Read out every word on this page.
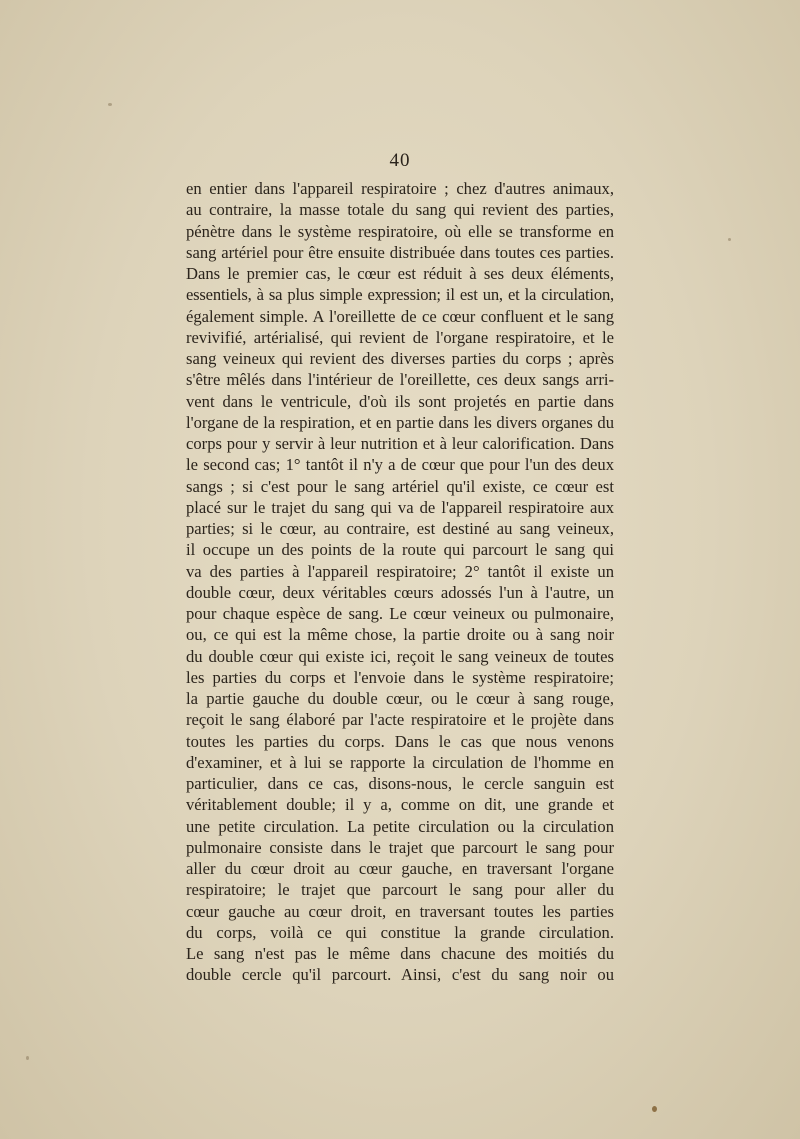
40
en entier dans l'appareil respiratoire ; chez d'autres animaux,
au contraire, la masse totale du sang qui revient des parties,
pénètre dans le système respiratoire, où elle se transforme en
sang artériel pour être ensuite distribuée dans toutes ces parties.
Dans le premier cas, le cœur est réduit à ses deux éléments,
essentiels, à sa plus simple expression; il est un, et la circulation,
également simple. A l'oreillette de ce cœur confluent et le sang
revivifié, artérialisé, qui revient de l'organe respiratoire, et le
sang veineux qui revient des diverses parties du corps ; après
s'être mêlés dans l'intérieur de l'oreillette, ces deux sangs arri-
vent dans le ventricule, d'où ils sont projetés en partie dans
l'organe de la respiration, et en partie dans les divers organes du
corps pour y servir à leur nutrition et à leur calorification. Dans
le second cas; 1° tantôt il n'y a de cœur que pour l'un des deux
sangs ; si c'est pour le sang artériel qu'il existe, ce cœur est
placé sur le trajet du sang qui va de l'appareil respiratoire aux
parties; si le cœur, au contraire, est destiné au sang veineux,
il occupe un des points de la route qui parcourt le sang qui
va des parties à l'appareil respiratoire; 2° tantôt il existe un
double cœur, deux véritables cœurs adossés l'un à l'autre, un
pour chaque espèce de sang. Le cœur veineux ou pulmonaire,
ou, ce qui est la même chose, la partie droite ou à sang noir
du double cœur qui existe ici, reçoit le sang veineux de toutes
les parties du corps et l'envoie dans le système respiratoire;
la partie gauche du double cœur, ou le cœur à sang rouge,
reçoit le sang élaboré par l'acte respiratoire et le projète dans
toutes les parties du corps. Dans le cas que nous venons
d'examiner, et à lui se rapporte la circulation de l'homme en
particulier, dans ce cas, disons-nous, le cercle sanguin est
véritablement double; il y a, comme on dit, une grande et
une petite circulation. La petite circulation ou la circulation
pulmonaire consiste dans le trajet que parcourt le sang pour
aller du cœur droit au cœur gauche, en traversant l'organe
respiratoire; le trajet que parcourt le sang pour aller du
cœur gauche au cœur droit, en traversant toutes les parties
du corps, voilà ce qui constitue la grande circulation.
Le sang n'est pas le même dans chacune des moitiés du
double cercle qu'il parcourt. Ainsi, c'est du sang noir ou
